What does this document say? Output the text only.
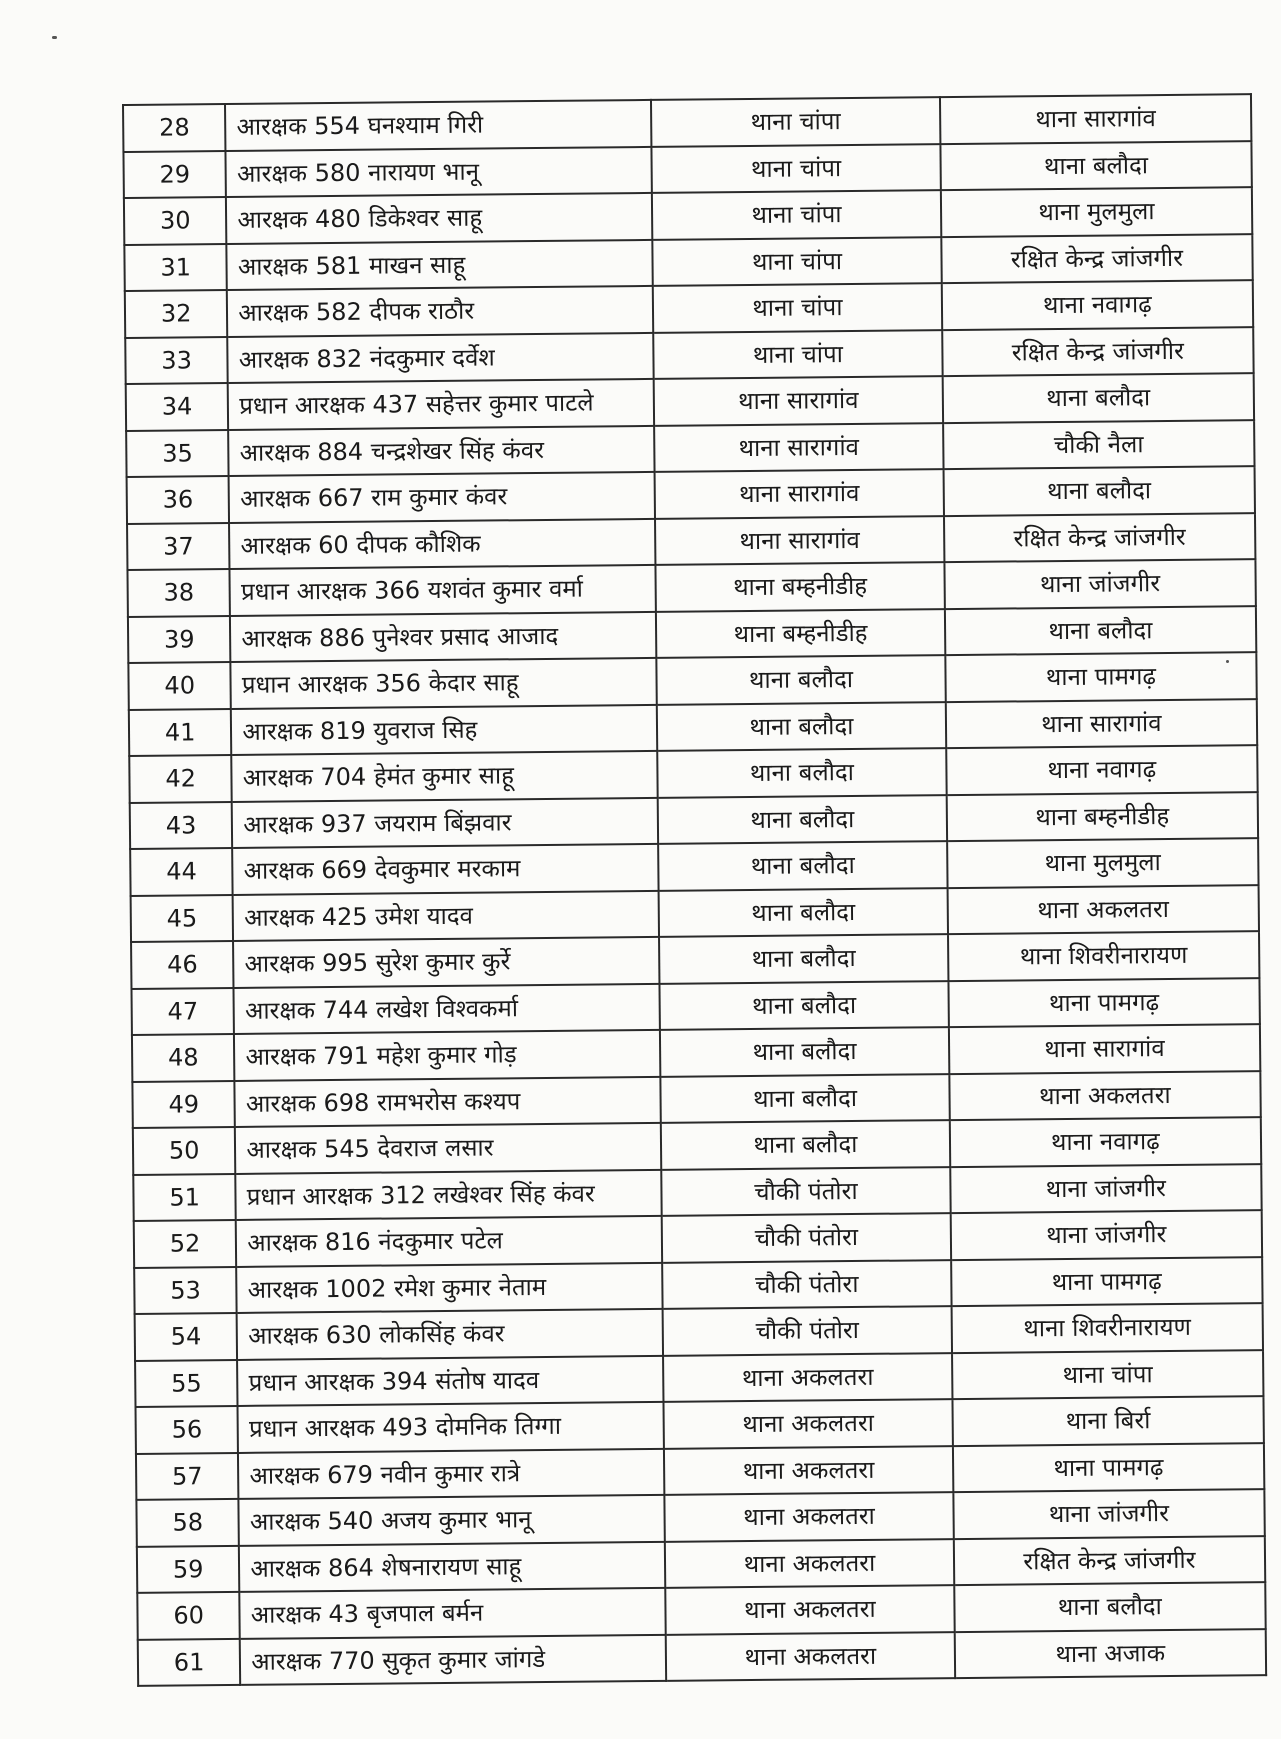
28	आरक्षक 554 घनश्याम गिरी	थाना चांपा	थाना सारागांव
29	आरक्षक 580 नारायण भानू	थाना चांपा	थाना बलौदा
30	आरक्षक 480 डिकेश्वर साहू	थाना चांपा	थाना मुलमुला
31	आरक्षक 581 माखन साहू	थाना चांपा	रक्षित केन्द्र जांजगीर
32	आरक्षक 582 दीपक राठौर	थाना चांपा	थाना नवागढ़
33	आरक्षक 832 नंदकुमार दर्वेश	थाना चांपा	रक्षित केन्द्र जांजगीर
34	प्रधान आरक्षक 437 सहेत्तर कुमार पाटले	थाना सारागांव	थाना बलौदा
35	आरक्षक 884 चन्द्रशेखर सिंह कंवर	थाना सारागांव	चौकी नैला
36	आरक्षक 667 राम कुमार कंवर	थाना सारागांव	थाना बलौदा
37	आरक्षक 60 दीपक कौशिक	थाना सारागांव	रक्षित केन्द्र जांजगीर
38	प्रधान आरक्षक 366 यशवंत कुमार वर्मा	थाना बम्हनीडीह	थाना जांजगीर
39	आरक्षक 886 पुनेश्वर प्रसाद आजाद	थाना बम्हनीडीह	थाना बलौदा
40	प्रधान आरक्षक 356 केदार साहू	थाना बलौदा	थाना पामगढ़
41	आरक्षक 819 युवराज सिह	थाना बलौदा	थाना सारागांव
42	आरक्षक 704 हेमंत कुमार साहू	थाना बलौदा	थाना नवागढ़
43	आरक्षक 937 जयराम बिंझवार	थाना बलौदा	थाना बम्हनीडीह
44	आरक्षक 669 देवकुमार मरकाम	थाना बलौदा	थाना मुलमुला
45	आरक्षक 425 उमेश यादव	थाना बलौदा	थाना अकलतरा
46	आरक्षक 995 सुरेश कुमार कुर्रे	थाना बलौदा	थाना शिवरीनारायण
47	आरक्षक 744 लखेश विश्वकर्मा	थाना बलौदा	थाना पामगढ़
48	आरक्षक 791 महेश कुमार गोड़	थाना बलौदा	थाना सारागांव
49	आरक्षक 698 रामभरोस कश्यप	थाना बलौदा	थाना अकलतरा
50	आरक्षक 545 देवराज लसार	थाना बलौदा	थाना नवागढ़
51	प्रधान आरक्षक 312 लखेश्वर सिंह कंवर	चौकी पंतोरा	थाना जांजगीर
52	आरक्षक 816 नंदकुमार पटेल	चौकी पंतोरा	थाना जांजगीर
53	आरक्षक 1002 रमेश कुमार नेताम	चौकी पंतोरा	थाना पामगढ़
54	आरक्षक 630 लोकसिंह कंवर	चौकी पंतोरा	थाना शिवरीनारायण
55	प्रधान आरक्षक 394 संतोष यादव	थाना अकलतरा	थाना चांपा
56	प्रधान आरक्षक 493 दोमनिक तिग्गा	थाना अकलतरा	थाना बिर्रा
57	आरक्षक 679 नवीन कुमार रात्रे	थाना अकलतरा	थाना पामगढ़
58	आरक्षक 540 अजय कुमार भानू	थाना अकलतरा	थाना जांजगीर
59	आरक्षक 864 शेषनारायण साहू	थाना अकलतरा	रक्षित केन्द्र जांजगीर
60	आरक्षक 43 बृजपाल बर्मन	थाना अकलतरा	थाना बलौदा
61	आरक्षक 770 सुकृत कुमार जांगडे	थाना अकलतरा	थाना अजाक
